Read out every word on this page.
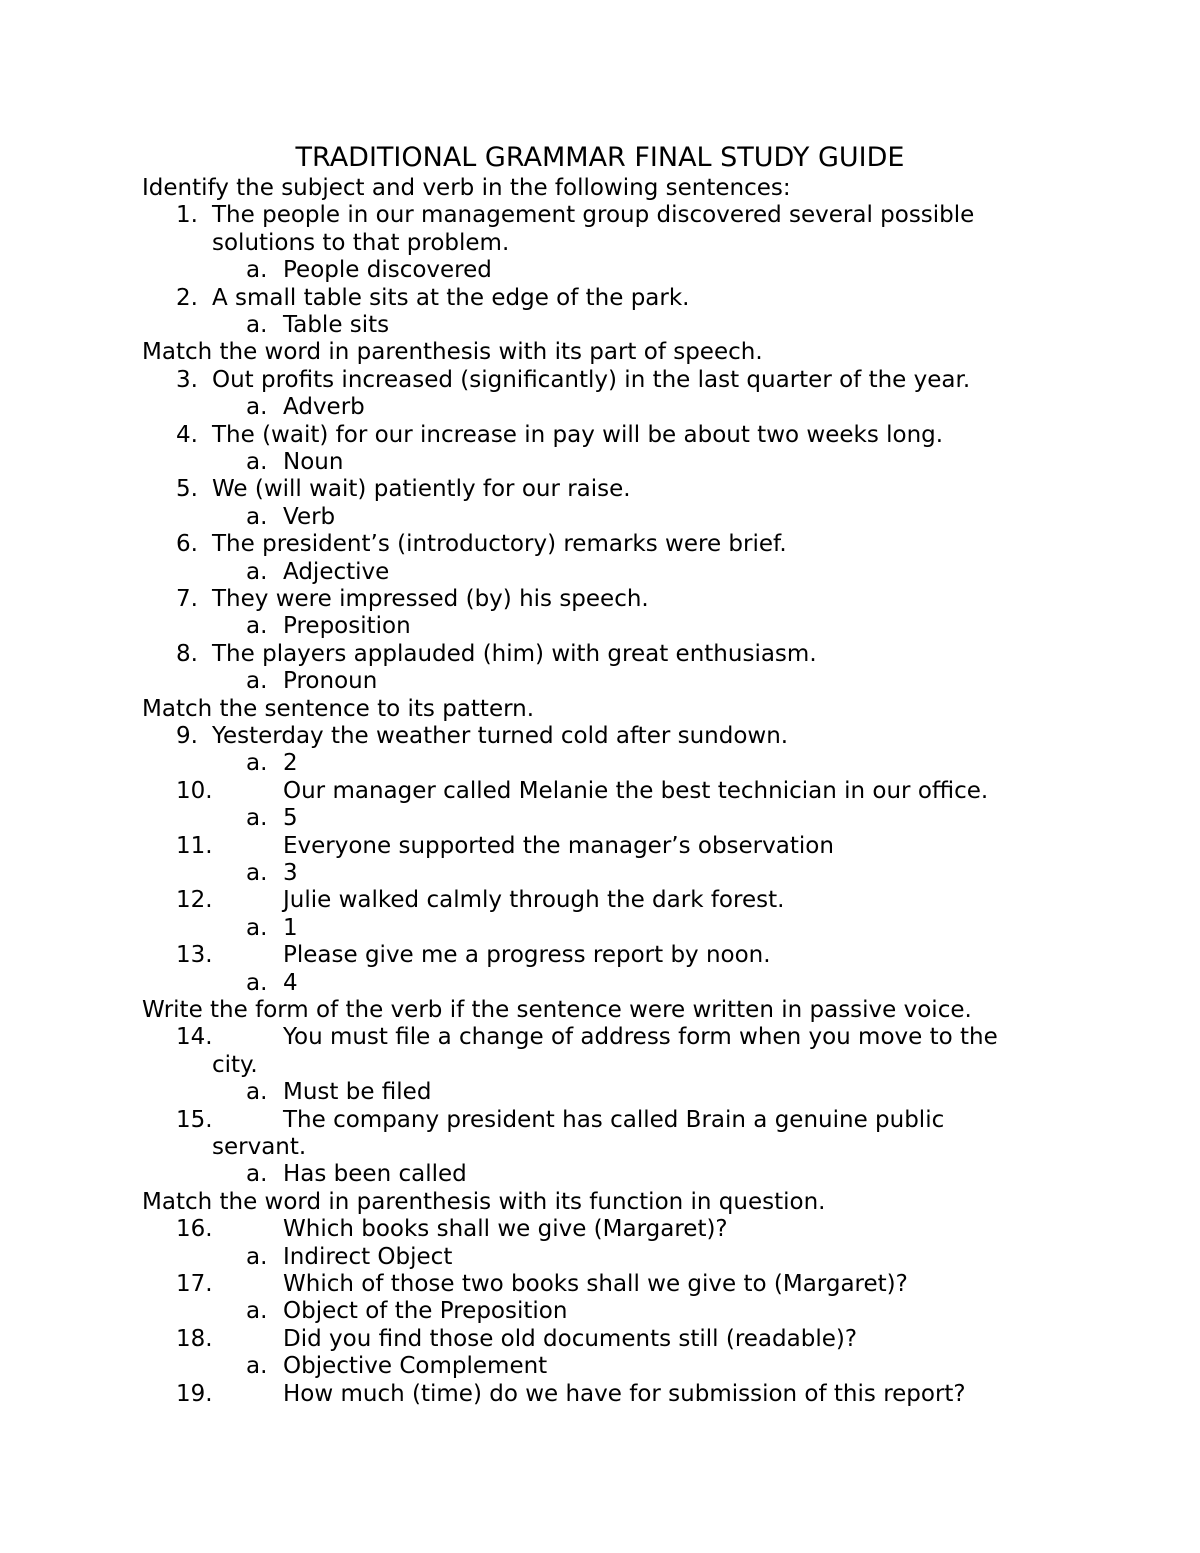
TRADITIONAL GRAMMAR FINAL STUDY GUIDE

Identify the subject and verb in the following sentences:

1. The people in our management group discovered several possible

solutions to that problem.

a. People discovered

2. A small table sits at the edge of the park.

a. Table sits

Match the word in parenthesis with its part of speech.

3. Out profits increased (significantly) in the last quarter of the year.

a. Adverb

4. The (wait) for our increase in pay will be about two weeks long.

a. Noun

5. We (will wait) patiently for our raise.

a. Verb

6. The president’s (introductory) remarks were brief.

a. Adjective

7. They were impressed (by) his speech.

a. Preposition

8. The players applauded (him) with great enthusiasm.

a. Pronoun

Match the sentence to its pattern.

9. Yesterday the weather turned cold after sundown.

a. 2

10.	Our manager called Melanie the best technician in our office.

a. 5

11.	Everyone supported the manager’s observation

a. 3

12.	Julie walked calmly through the dark forest.

a. 1

13.	Please give me a progress report by noon.

a. 4

Write the form of the verb if the sentence were written in passive voice.

14.	You must file a change of address form when you move to the

city.

a. Must be filed

15.	The company president has called Brain a genuine public

servant.

a. Has been called

Match the word in parenthesis with its function in question.

16.	Which books shall we give (Margaret)?

a. Indirect Object

17.	Which of those two books shall we give to (Margaret)?

a. Object of the Preposition

18.	Did you find those old documents still (readable)?

a. Objective Complement

19.	How much (time) do we have for submission of this report?
